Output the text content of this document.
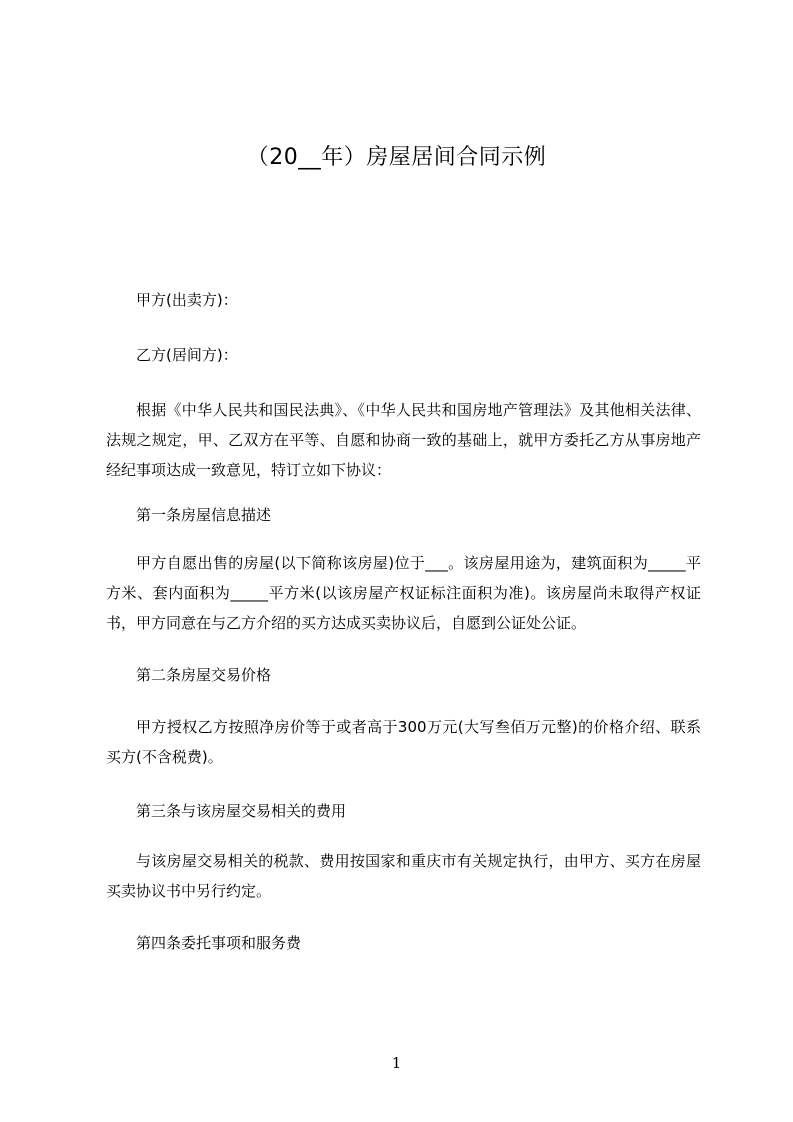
（20__年）房屋居间合同示例
甲方(出卖方)：
乙方(居间方)：
根据《中华人民共和国民法典》、《中华人民共和国房地产管理法》及其他相关法律、法规之规定，甲、乙双方在平等、自愿和协商一致的基础上，就甲方委托乙方从事房地产经纪事项达成一致意见，特订立如下协议：
第一条房屋信息描述
甲方自愿出售的房屋(以下简称该房屋)位于___。该房屋用途为，建筑面积为_____平方米、套内面积为_____平方米(以该房屋产权证标注面积为准)。该房屋尚未取得产权证书，甲方同意在与乙方介绍的买方达成买卖协议后，自愿到公证处公证。
第二条房屋交易价格
甲方授权乙方按照净房价等于或者高于300万元(大写叁佰万元整)的价格介绍、联系买方(不含税费)。
第三条与该房屋交易相关的费用
与该房屋交易相关的税款、费用按国家和重庆市有关规定执行，由甲方、买方在房屋买卖协议书中另行约定。
第四条委托事项和服务费
1
